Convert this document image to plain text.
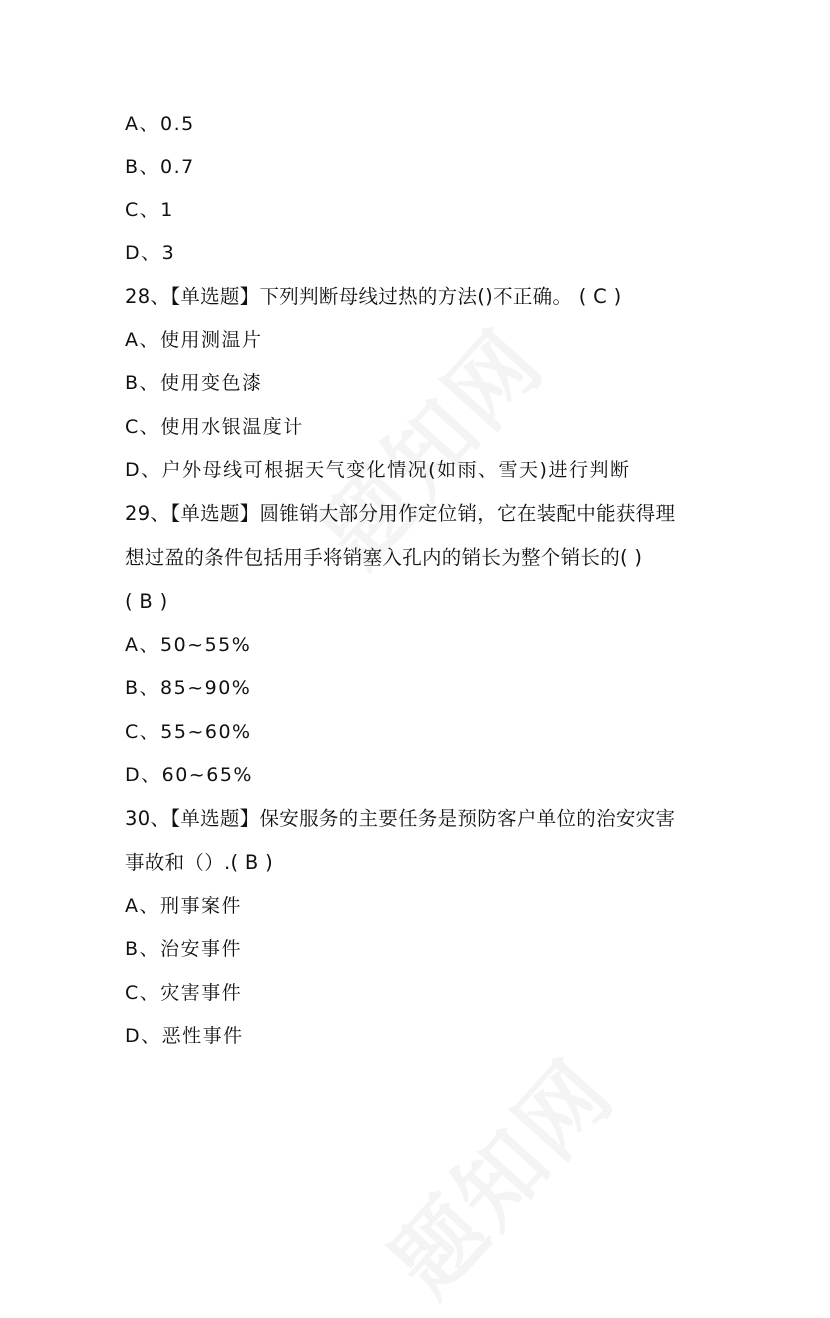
A、0.5
B、0.7
C、1
D、3
28、【单选题】下列判断母线过热的方法()不正确。 ( C )
A、使用测温片
B、使用变色漆
C、使用水银温度计
D、户外母线可根据天气变化情况(如雨、雪天)进行判断
29、【单选题】圆锥销大部分用作定位销，它在装配中能获得理
想过盈的条件包括用手将销塞入孔内的销长为整个销长的( )
( B )
A、50~55%
B、85~90%
C、55~60%
D、60~65%
30、【单选题】保安服务的主要任务是预防客户单位的治安灾害
事故和（）.( B )
A、刑事案件
B、治安事件
C、灾害事件
D、恶性事件
